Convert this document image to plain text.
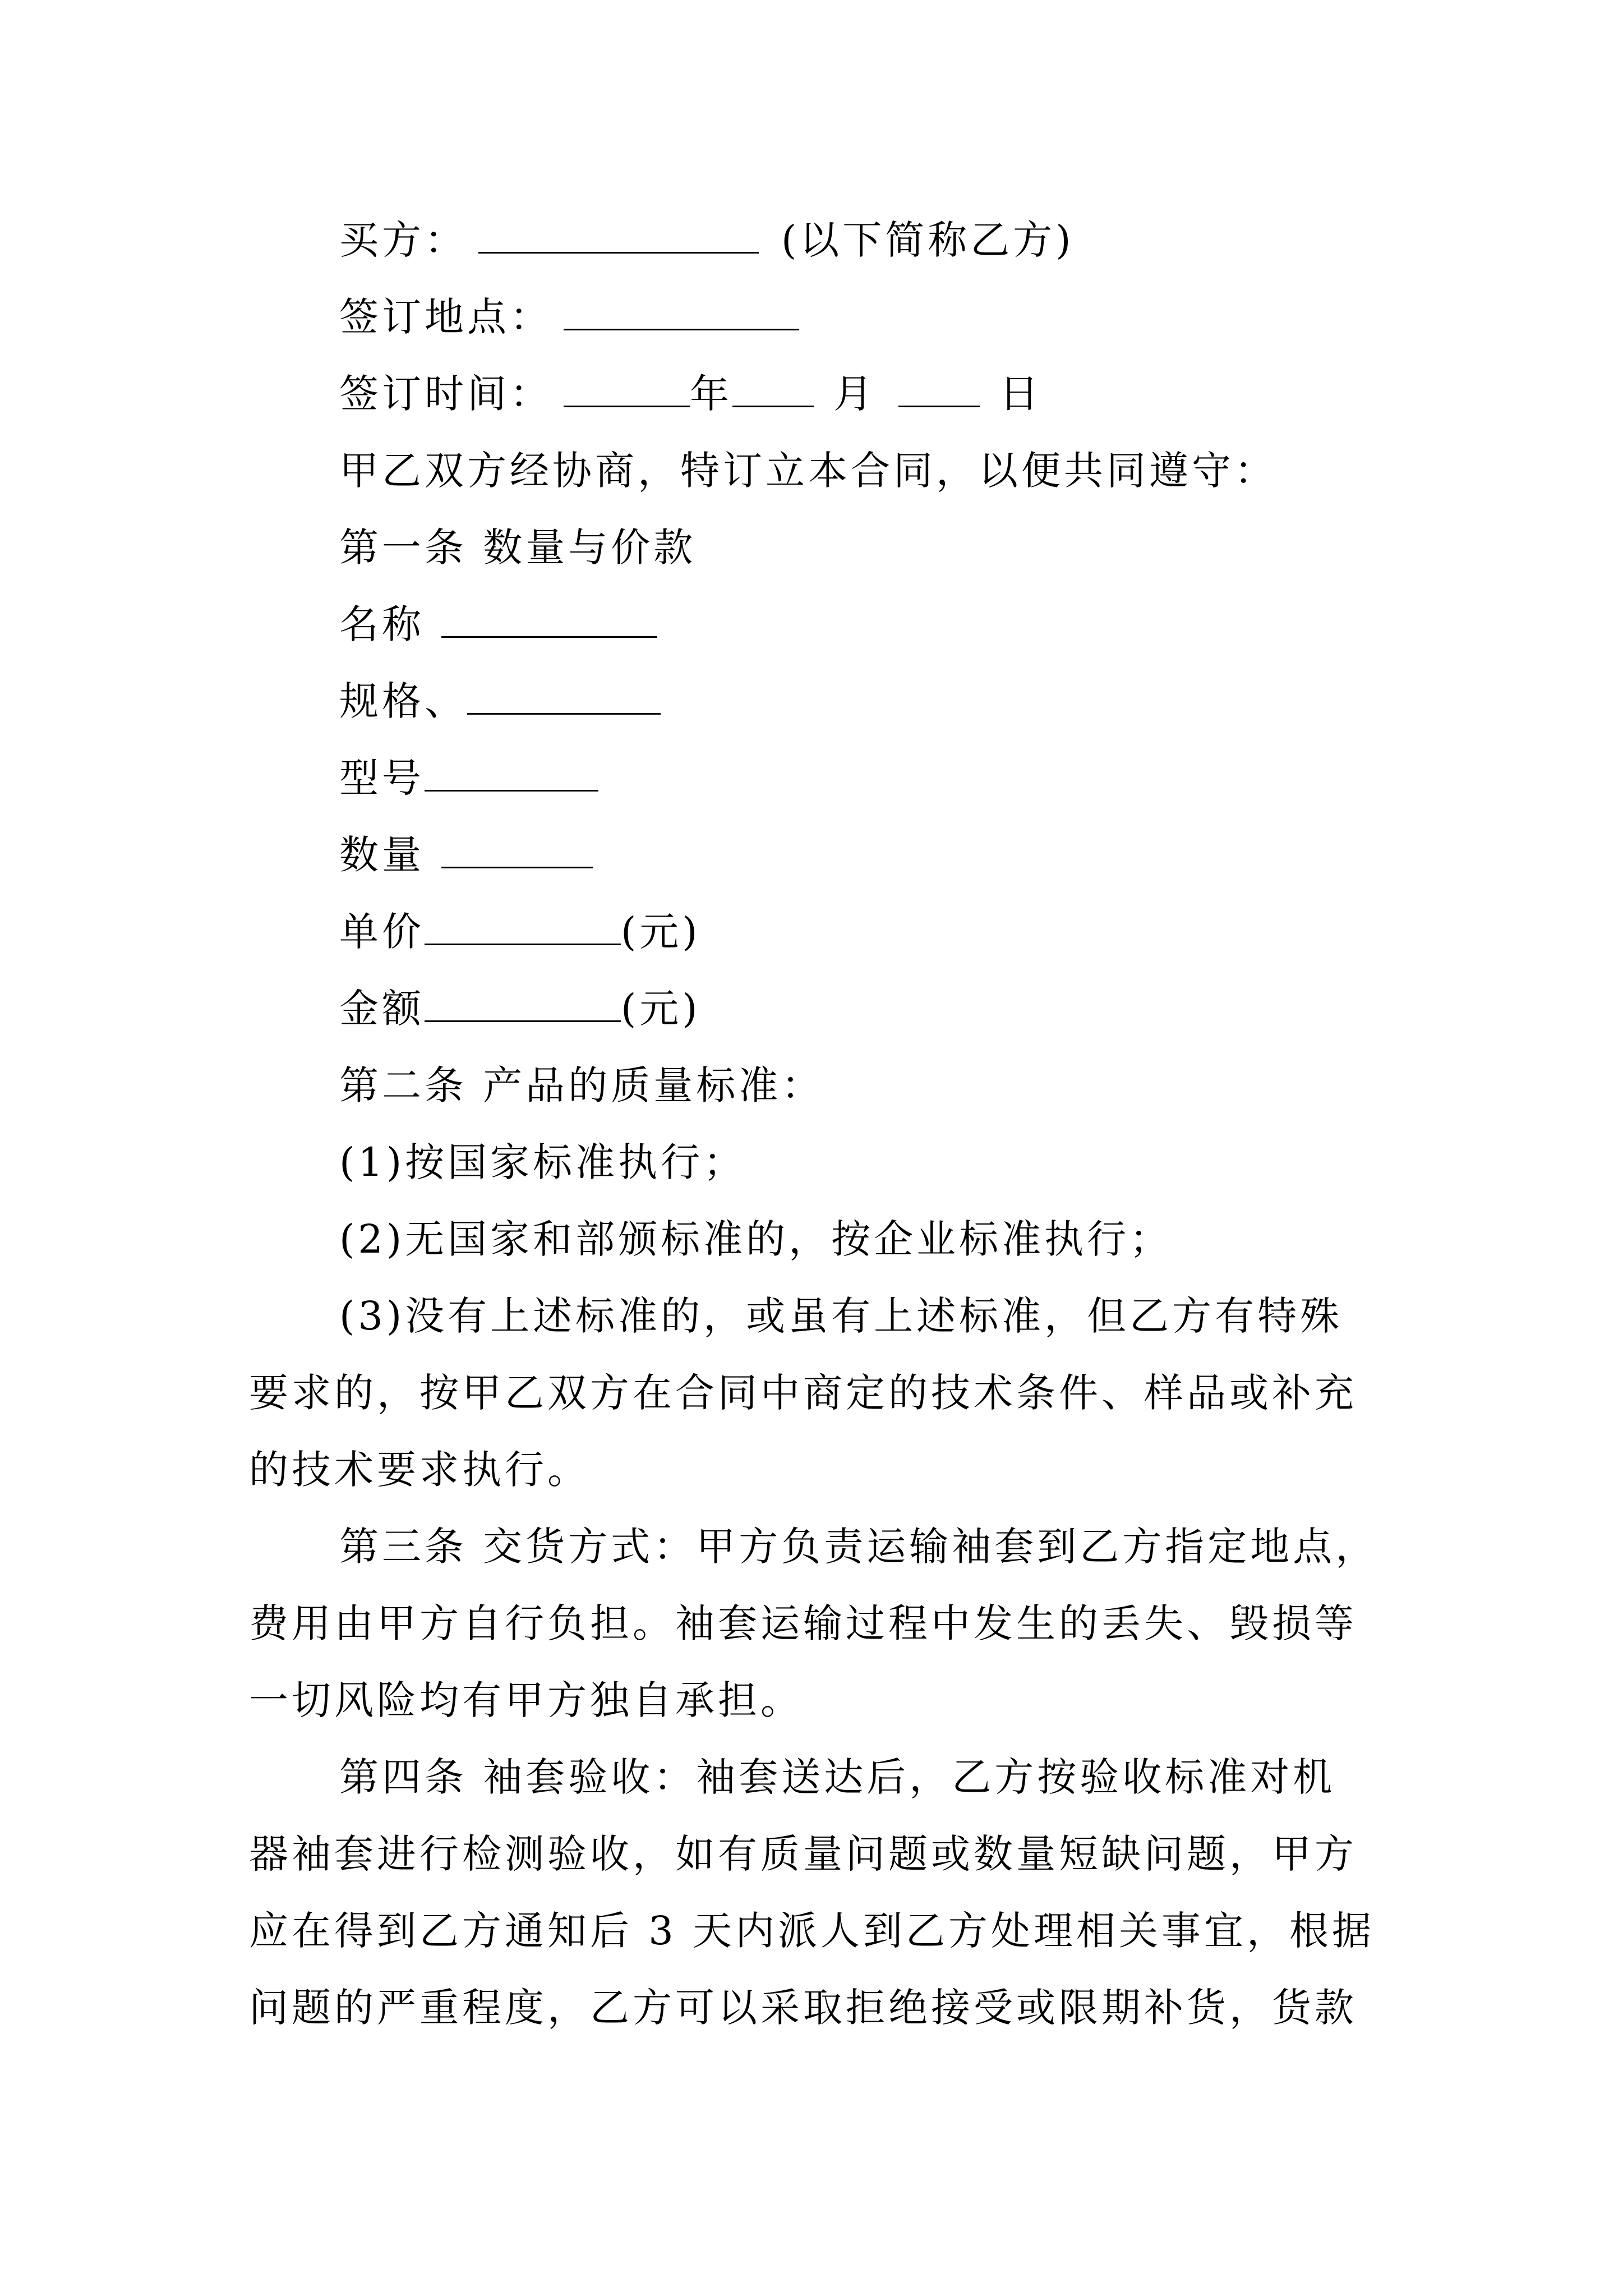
买方：	(以下简称乙方)
签订地点：
签订时间：	年	月	日
甲乙双方经协商，特订立本合同，以便共同遵守：
第一条 数量与价款
名称
规格、
型号
数量
单价	(元)
金额	(元)
第二条 产品的质量标准：
(1)按国家标准执行；
(2)无国家和部颁标准的，按企业标准执行；
(3)没有上述标准的，或虽有上述标准，但乙方有特殊
要求的，按甲乙双方在合同中商定的技术条件、样品或补充
的技术要求执行。
第三条 交货方式：甲方负责运输袖套到乙方指定地点，
费用由甲方自行负担。袖套运输过程中发生的丢失、毁损等
一切风险均有甲方独自承担。
第四条 袖套验收：袖套送达后，乙方按验收标准对机
器袖套进行检测验收，如有质量问题或数量短缺问题，甲方
应在得到乙方通知后 3 天内派人到乙方处理相关事宜，根据
问题的严重程度，乙方可以采取拒绝接受或限期补货，货款
